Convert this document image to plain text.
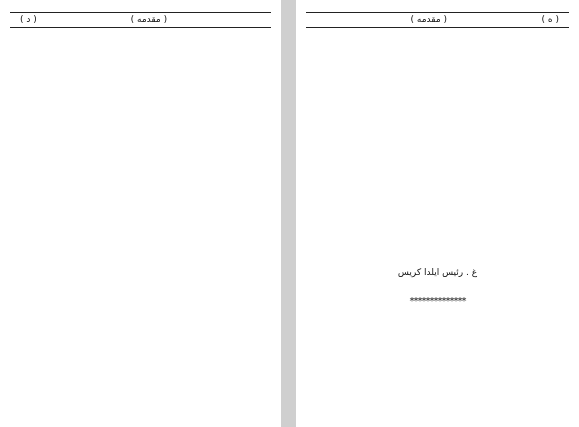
( د )	( مقدمه )	( مقدمه )	( ه )

غ . رئیس ایلدا کریس
**************
